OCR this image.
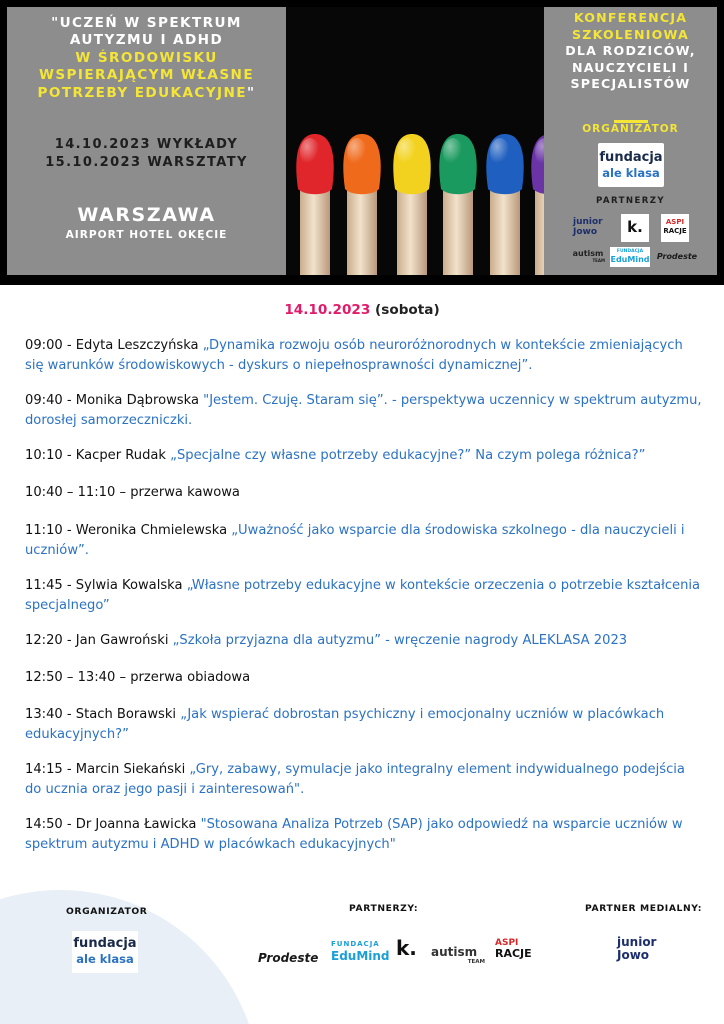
"UCZEŃ W SPEKTRUM
AUTYZMU I ADHD
W ŚRODOWISKU
WSPIERAJĄCYM WŁASNE
POTRZEBY EDUKACYJNE"
14.10.2023 WYKŁADY
15.10.2023 WARSZTATY
WARSZAWA
AIRPORT HOTEL OKĘCIE
KONFERENCJA
SZKOLENIOWA
DLA RODZICÓW,
NAUCZYCIELI I
SPECJALISTÓW
ORGANIZATOR
fundacja
ale klasa
PARTNERZY
junior
Jowo	k.	ASPI
RACJE
autism
TEAM
FUNDACJA
EduMind Prodeste
14.10.2023 (sobota)
09:00 - Edyta Leszczyńska „Dynamika rozwoju osób neuroróżnorodnych w kontekście zmieniających się warunków środowiskowych - dyskurs o niepełnosprawności dynamicznej”.
09:40 - Monika Dąbrowska "Jestem. Czuję. Staram się”. - perspektywa uczennicy w spektrum autyzmu, dorosłej samorzeczniczki.
10:10 - Kacper Rudak „Specjalne czy własne potrzeby edukacyjne?” Na czym polega różnica?”
10:40 – 11:10 – przerwa kawowa
11:10 - Weronika Chmielewska „Uważność jako wsparcie dla środowiska szkolnego - dla nauczycieli i uczniów”.
11:45 - Sylwia Kowalska „Własne potrzeby edukacyjne w kontekście orzeczenia o potrzebie kształcenia specjalnego”
12:20 - Jan Gawroński „Szkoła przyjazna dla autyzmu” - wręczenie nagrody ALEKLASA 2023
12:50 – 13:40 – przerwa obiadowa
13:40 - Stach Borawski „Jak wspierać dobrostan psychiczny i emocjonalny uczniów w placówkach edukacyjnych?”
14:15 - Marcin Siekański „Gry, zabawy, symulacje jako integralny element indywidualnego podejścia do ucznia oraz jego pasji i zainteresowań".
14:50 - Dr Joanna Ławicka "Stosowana Analiza Potrzeb (SAP) jako odpowiedź na wsparcie uczniów w spektrum autyzmu i ADHD w placówkach edukacyjnych"
ORGANIZATOR	PARTNERZY:	PARTNER MEDIALNY:
fundacja
ale klasa	Prodeste
FUNDACJA
EduMind k.	autism
TEAM
ASPI
RACJE
junior
Jowo
